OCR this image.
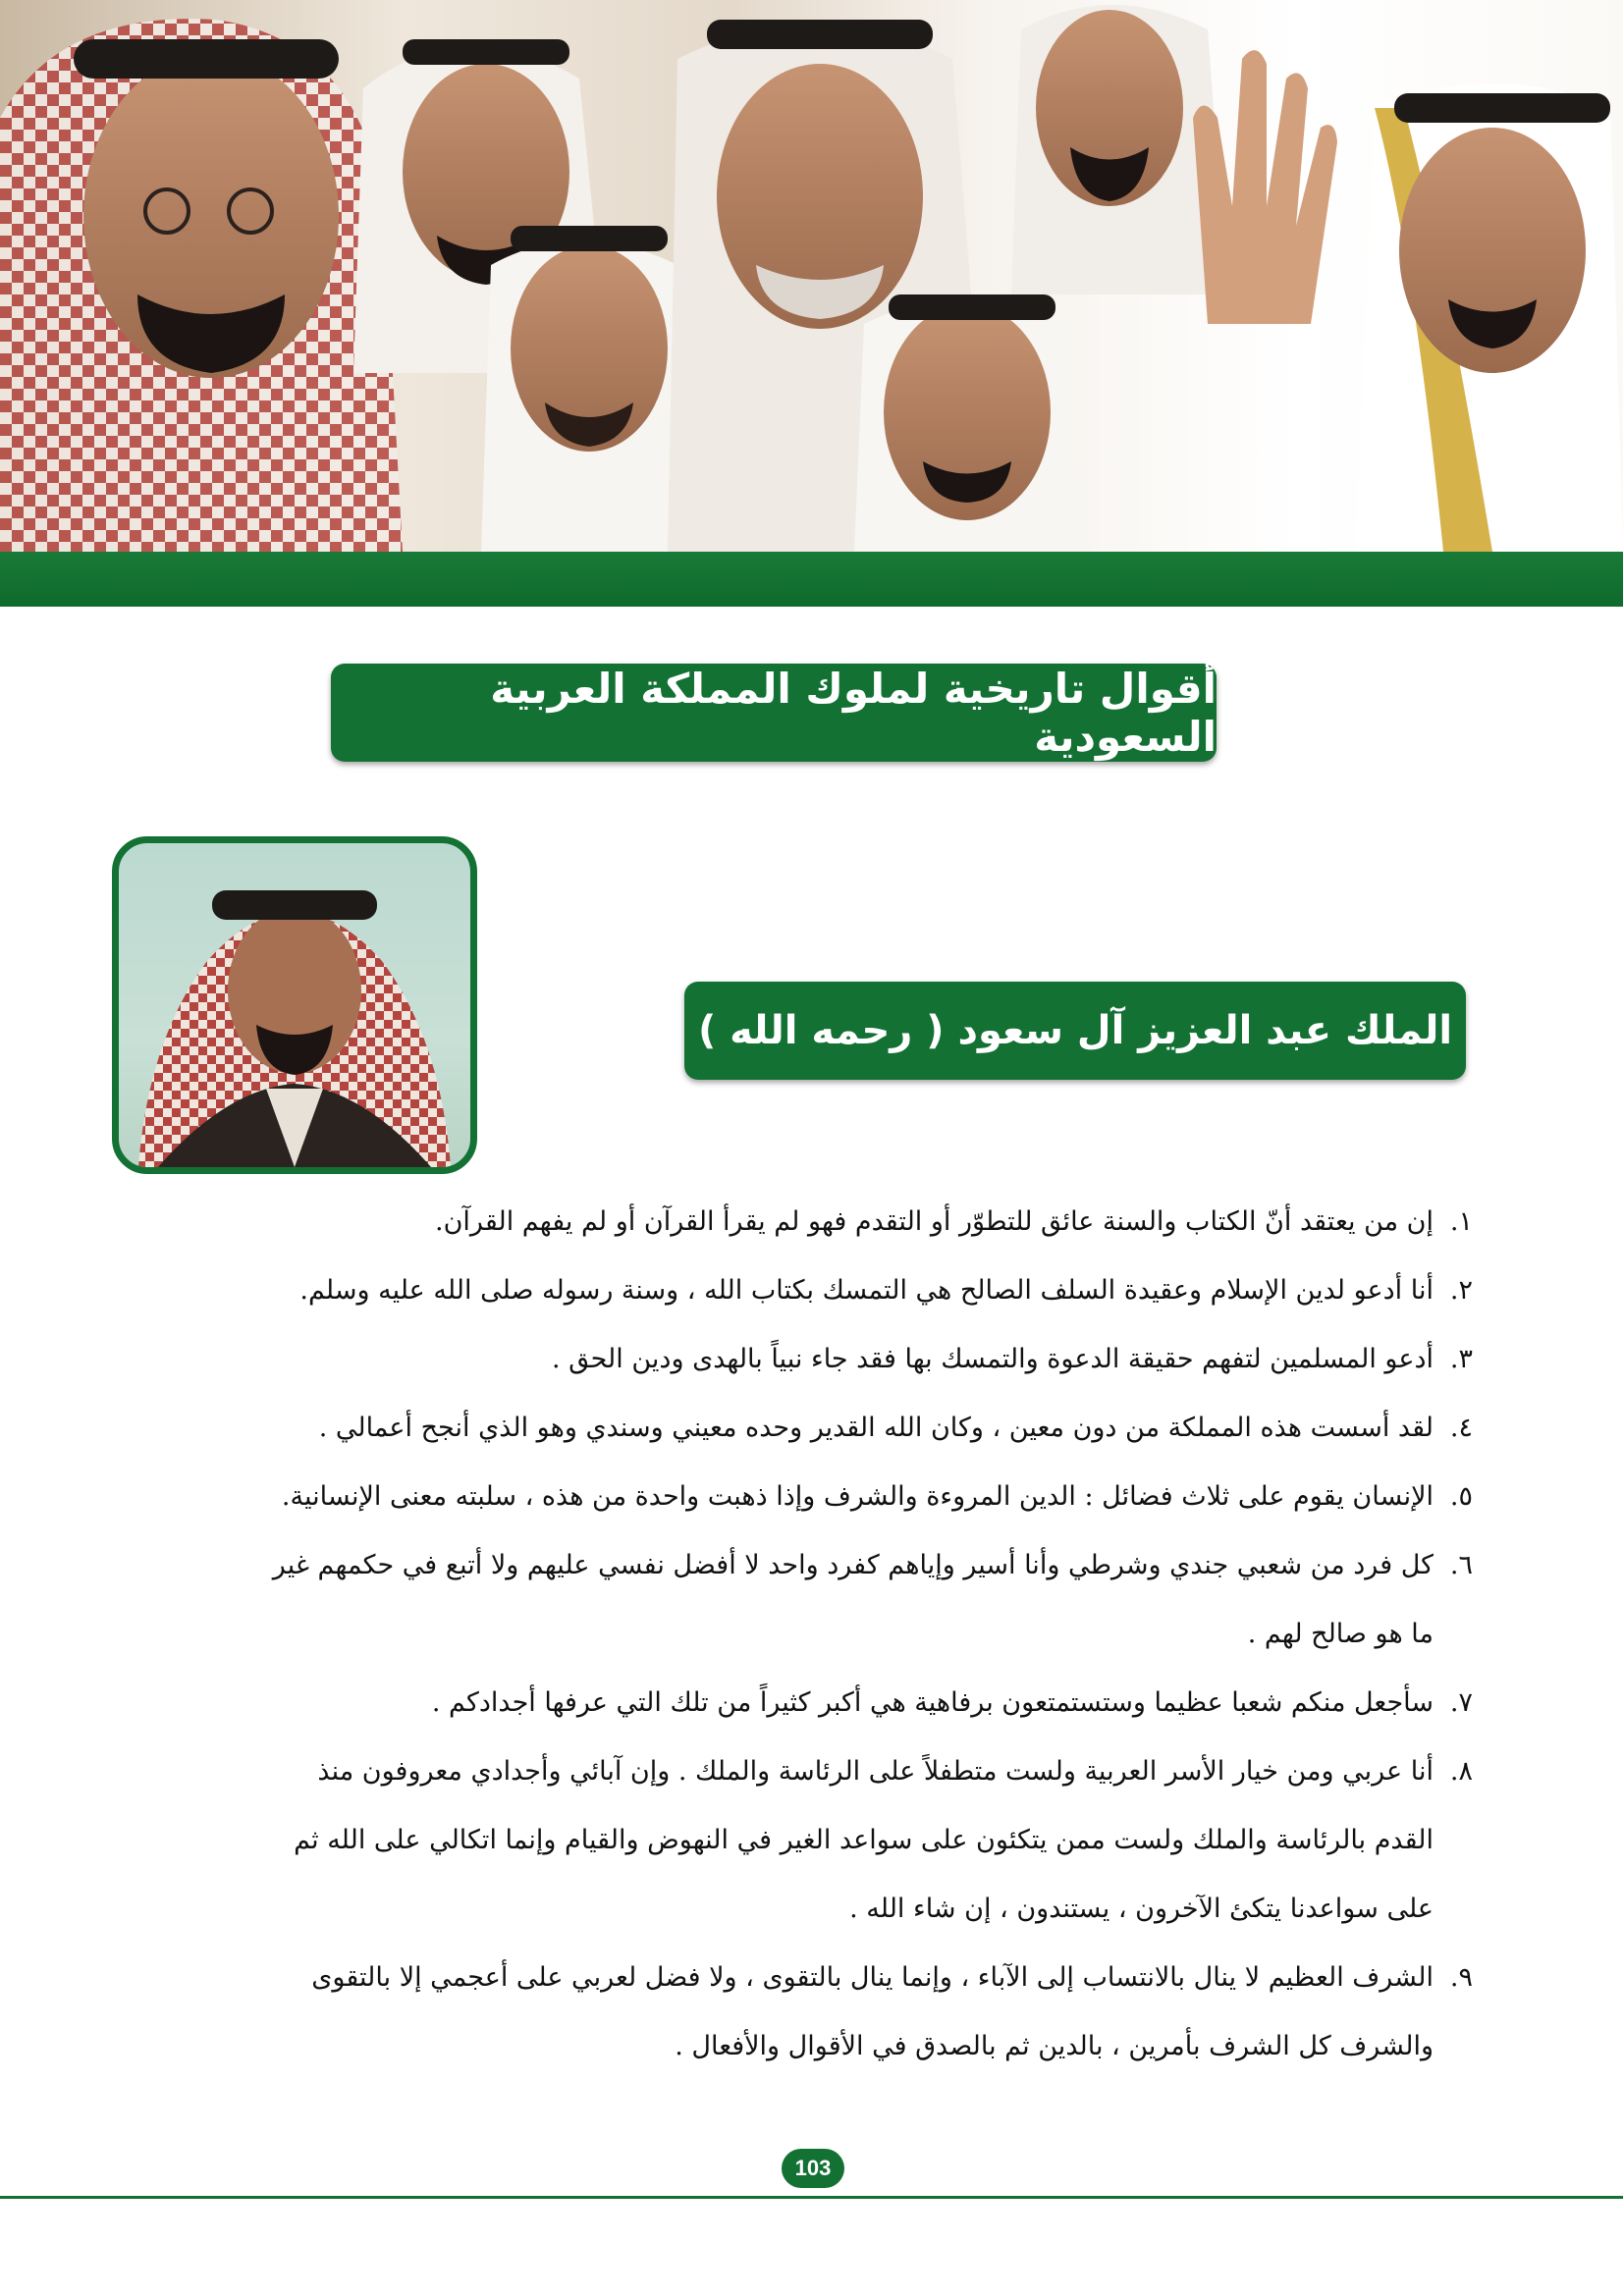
أقوال تاريخية لملوك المملكة العربية السعودية
الملك عبد العزيز آل سعود ( رحمه الله )
١.إن من يعتقد أنّ الكتاب والسنة عائق للتطوّر أو التقدم فهو لم يقرأ القرآن أو لم يفهم القرآن.
٢.أنا أدعو لدين الإسلام وعقيدة السلف الصالح هي التمسك بكتاب الله ، وسنة رسوله صلى الله عليه وسلم.
٣.أدعو المسلمين لتفهم حقيقة الدعوة والتمسك بها فقد جاء نبياً بالهدى ودين الحق .
٤.لقد أسست هذه المملكة من دون معين ، وكان الله القدير وحده معيني وسندي وهو الذي أنجح أعمالي .
٥.الإنسان يقوم على ثلاث فضائل : الدين المروءة والشرف وإذا ذهبت واحدة من هذه ، سلبته معنى الإنسانية.
٦.كل فرد من شعبي جندي وشرطي وأنا أسير وإياهم كفرد واحد لا أفضل نفسي عليهم ولا أتبع في حكمهم غير
ما هو صالح لهم .
٧.سأجعل منكم شعبا عظيما وستستمتعون برفاهية هي أكبر كثيراً من تلك التي عرفها أجدادكم .
٨.أنا عربي ومن خيار الأسر العربية ولست متطفلاً على الرئاسة والملك . وإن آبائي وأجدادي معروفون منذ
القدم بالرئاسة والملك ولست ممن يتكئون على سواعد الغير في النهوض والقيام وإنما اتكالي على الله ثم
على سواعدنا يتكئ الآخرون ، يستندون ، إن شاء الله .
٩.الشرف العظيم لا ينال بالانتساب إلى الآباء ، وإنما ينال بالتقوى ، ولا فضل لعربي على أعجمي إلا بالتقوى
والشرف كل الشرف بأمرين ، بالدين ثم بالصدق في الأقوال والأفعال .
103
